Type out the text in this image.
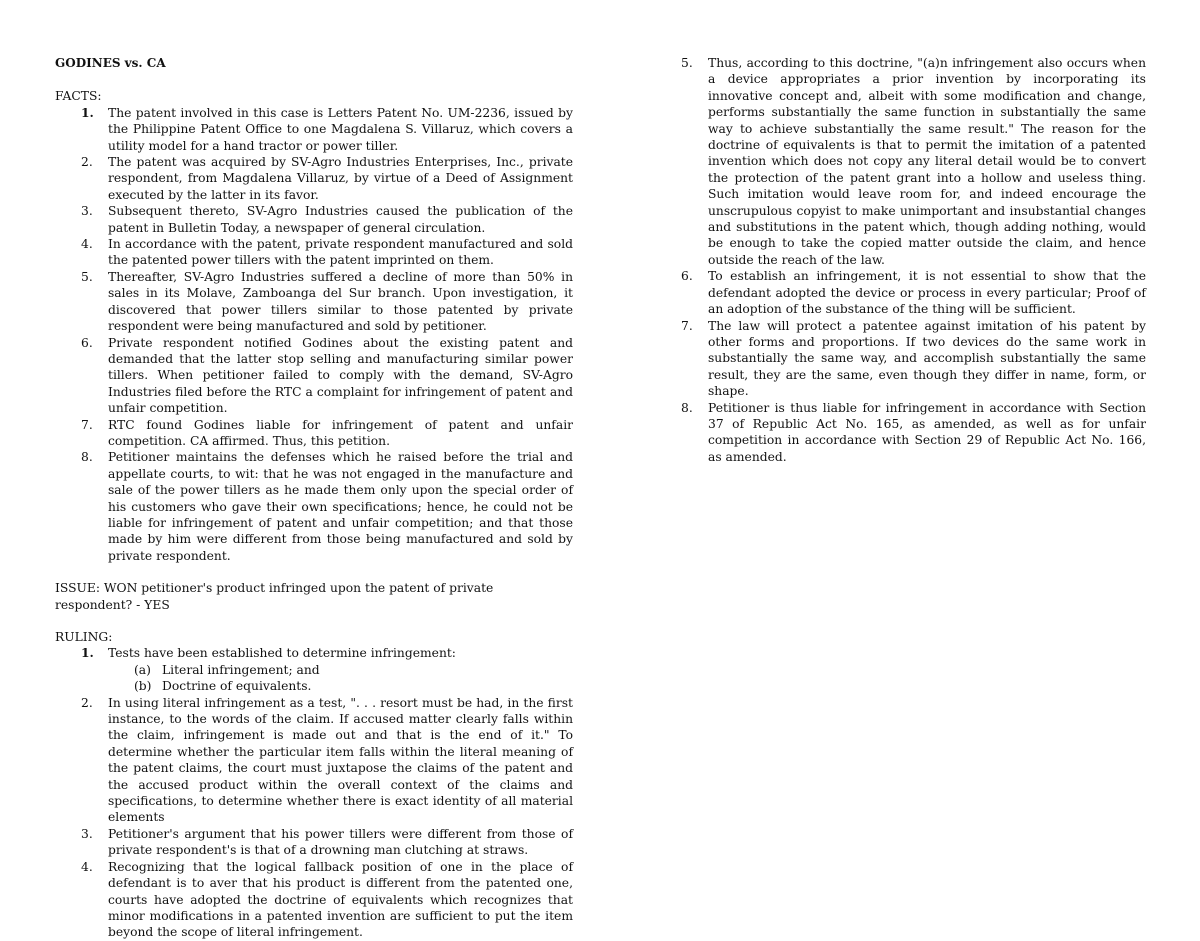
GODINES vs. CA

FACTS:

1. The patent involved in this case is Letters Patent No. UM-2236, issued by the Philippine Patent Office to one Magdalena S. Villaruz, which covers a utility model for a hand tractor or power tiller.
2. The patent was acquired by SV-Agro Industries Enterprises, Inc., private respondent, from Magdalena Villaruz, by virtue of a Deed of Assignment executed by the latter in its favor.
3. Subsequent thereto, SV-Agro Industries caused the publication of the patent in Bulletin Today, a newspaper of general circulation.
4. In accordance with the patent, private respondent manufactured and sold the patented power tillers with the patent imprinted on them.
5. Thereafter, SV-Agro Industries suffered a decline of more than 50% in sales in its Molave, Zamboanga del Sur branch. Upon investigation, it discovered that power tillers similar to those patented by private respondent were being manufactured and sold by petitioner.
6. Private respondent notified Godines about the existing patent and demanded that the latter stop selling and manufacturing similar power tillers. When petitioner failed to comply with the demand, SV-Agro Industries filed before the RTC a complaint for infringement of patent and unfair competition.
7. RTC found Godines liable for infringement of patent and unfair competition. CA affirmed. Thus, this petition.
8. Petitioner maintains the defenses which he raised before the trial and appellate courts, to wit: that he was not engaged in the manufacture and sale of the power tillers as he made them only upon the special order of his customers who gave their own specifications; hence, he could not be liable for infringement of patent and unfair competition; and that those made by him were different from those being manufactured and sold by private respondent.

ISSUE: WON petitioner's product infringed upon the patent of private respondent? - YES

RULING:

1. Tests have been established to determine infringement:
(a) Literal infringement; and
(b) Doctrine of equivalents.
2. In using literal infringement as a test, ". . . resort must be had, in the first instance, to the words of the claim. If accused matter clearly falls within the claim, infringement is made out and that is the end of it." To determine whether the particular item falls within the literal meaning of the patent claims, the court must juxtapose the claims of the patent and the accused product within the overall context of the claims and specifications, to determine whether there is exact identity of all material elements
3. Petitioner's argument that his power tillers were different from those of private respondent's is that of a drowning man clutching at straws.
4. Recognizing that the logical fallback position of one in the place of defendant is to aver that his product is different from the patented one, courts have adopted the doctrine of equivalents which recognizes that minor modifications in a patented invention are sufficient to put the item beyond the scope of literal infringement.
5. Thus, according to this doctrine, "(a)n infringement also occurs when a device appropriates a prior invention by incorporating its innovative concept and, albeit with some modification and change, performs substantially the same function in substantially the same way to achieve substantially the same result." The reason for the doctrine of equivalents is that to permit the imitation of a patented invention which does not copy any literal detail would be to convert the protection of the patent grant into a hollow and useless thing. Such imitation would leave room for, and indeed encourage the unscrupulous copyist to make unimportant and insubstantial changes and substitutions in the patent which, though adding nothing, would be enough to take the copied matter outside the claim, and hence outside the reach of the law.
6. To establish an infringement, it is not essential to show that the defendant adopted the device or process in every particular; Proof of an adoption of the substance of the thing will be sufficient.
7. The law will protect a patentee against imitation of his patent by other forms and proportions. If two devices do the same work in substantially the same way, and accomplish substantially the same result, they are the same, even though they differ in name, form, or shape.
8. Petitioner is thus liable for infringement in accordance with Section 37 of Republic Act No. 165, as amended, as well as for unfair competition in accordance with Section 29 of Republic Act No. 166, as amended.
